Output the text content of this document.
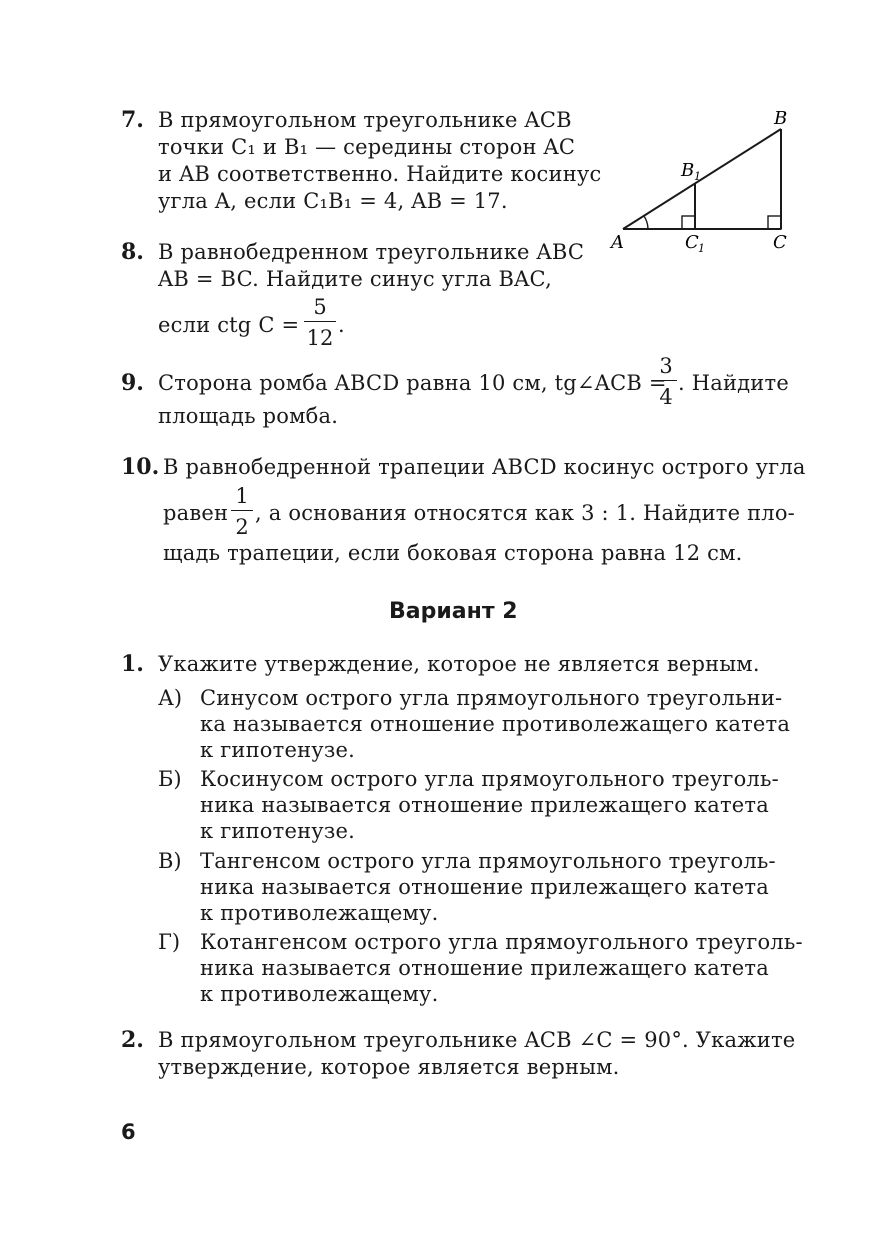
7. В прямоугольном треугольнике ACB
точки C₁ и B₁ — середины сторон AC
и AB соответственно. Найдите косинус
угла A, если C₁B₁ = 4, AB = 17.
A
B
B 1
C 1	C
8. В равнобедренном треугольнике ABC
AB = BC. Найдите синус угла BAC,
если ctg C =
5
12
.
9. Сторона ромба ABCD равна 10 см, tg∠ACB =
3
4
. Найдите
площадь ромба.
10. В равнобедренной трапеции ABCD косинус острого угла
равен
1
2
, а основания относятся как 3 : 1. Найдите пло-
щадь трапеции, если боковая сторона равна 12 см.
Вариант 2
1. Укажите утверждение, которое не является верным.
А) Синусом острого угла прямоугольного треугольни-
ка называется отношение противолежащего катета
к гипотенузе.
Б) Косинусом острого угла прямоугольного треуголь-
ника называется отношение прилежащего катета
к гипотенузе.
В) Тангенсом острого угла прямоугольного треуголь-
ника называется отношение прилежащего катета
к противолежащему.
Г) Котангенсом острого угла прямоугольного треуголь-
ника называется отношение прилежащего катета
к противолежащему.
2. В прямоугольном треугольнике ACB ∠C = 90°. Укажите
утверждение, которое является верным.
6
